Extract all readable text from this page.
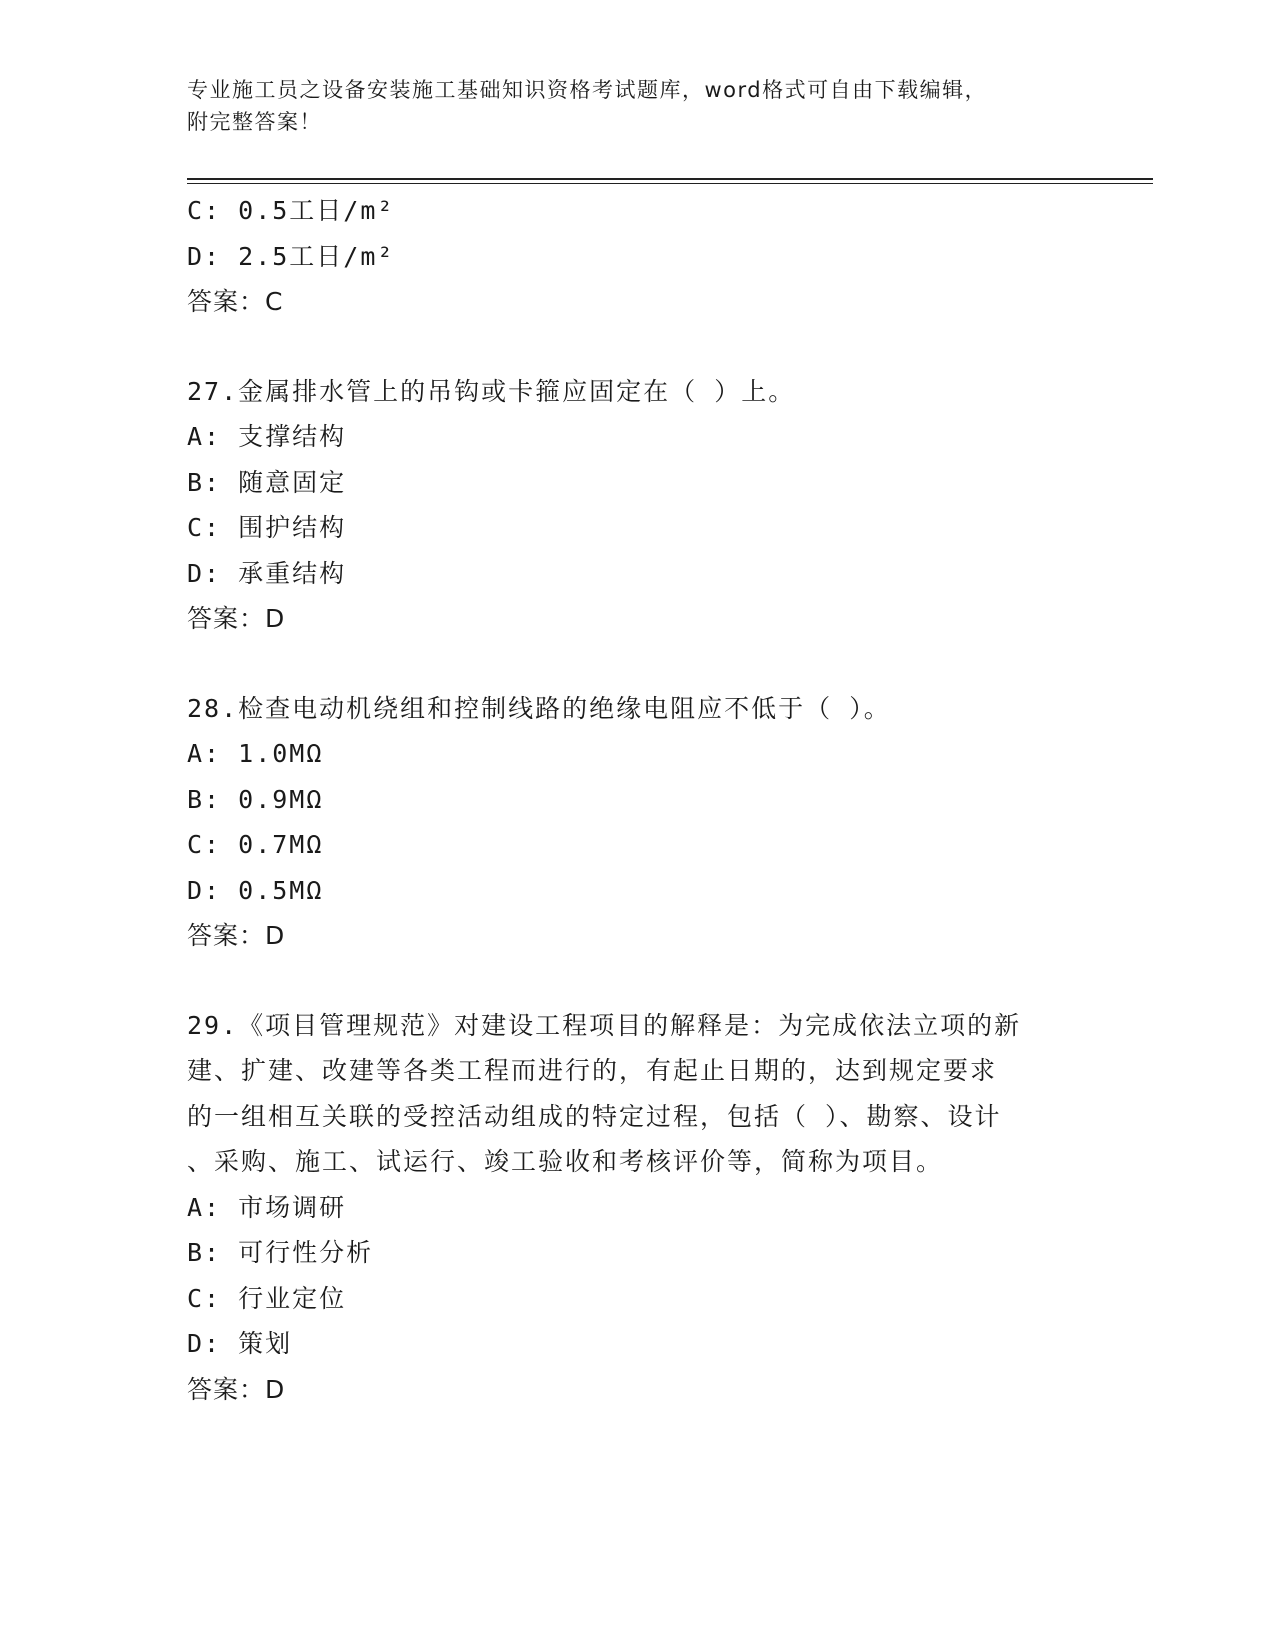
专业施工员之设备安装施工基础知识资格考试题库，word格式可自由下载编辑，
附完整答案！
C: 0.5工日/m²
D: 2.5工日/m²
答案：C
27.金属排水管上的吊钩或卡箍应固定在（ ）上。
A: 支撑结构
B: 随意固定
C: 围护结构
D: 承重结构
答案：D
28.检查电动机绕组和控制线路的绝缘电阻应不低于（ ）。
A: 1.0MΩ
B: 0.9MΩ
C: 0.7MΩ
D: 0.5MΩ
答案：D
29.《项目管理规范》对建设工程项目的解释是：为完成依法立项的新
建、扩建、改建等各类工程而进行的，有起止日期的，达到规定要求
的一组相互关联的受控活动组成的特定过程，包括（ ）、勘察、设计
、采购、施工、试运行、竣工验收和考核评价等，简称为项目。
A: 市场调研
B: 可行性分析
C: 行业定位
D: 策划
答案：D
